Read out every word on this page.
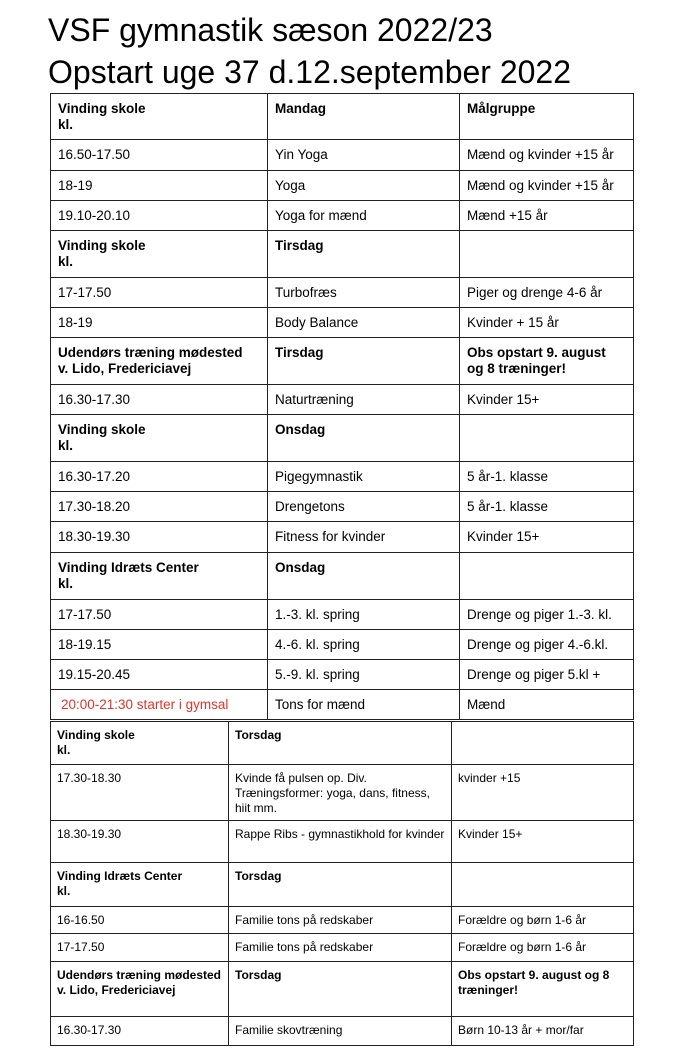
VSF gymnastik sæson 2022/23
Opstart uge 37 d.12.september 2022
Vinding skole
kl.	Mandag	Målgruppe
16.50-17.50	Yin Yoga	Mænd og kvinder +15 år
18-19	Yoga	Mænd og kvinder +15 år
19.10-20.10	Yoga for mænd	Mænd +15 år
Vinding skole
kl.	Tirsdag	
17-17.50	Turbofræs	Piger og drenge 4-6 år
18-19	Body Balance	Kvinder + 15 år
Udendørs træning mødested
v. Lido, Fredericiavej	Tirsdag	Obs opstart 9. august
og 8 træninger!
16.30-17.30	Naturtræning	Kvinder 15+
Vinding skole
kl.	Onsdag	
16.30-17.20	Pigegymnastik	5 år-1. klasse
17.30-18.20	Drengetons	5 år-1. klasse
18.30-19.30	Fitness for kvinder	Kvinder 15+
Vinding Idræts Center
kl.	Onsdag	
17-17.50	1.-3. kl. spring	Drenge og piger 1.-3. kl.
18-19.15	4.-6. kl. spring	Drenge og piger 4.-6.kl.
19.15-20.45	5.-9. kl. spring	Drenge og piger 5.kl +
20:00-21:30 starter i gymsal	Tons for mænd	Mænd
Vinding skole
kl.	Torsdag	
17.30-18.30	Kvinde få pulsen op. Div. Træningsformer: yoga, dans, fitness, hiit mm.	kvinder +15
18.30-19.30	Rappe Ribs - gymnastikhold for kvinder	Kvinder 15+
Vinding Idræts Center
kl.	Torsdag	
16-16.50	Familie tons på redskaber	Forældre og børn 1-6 år
17-17.50	Familie tons på redskaber	Forældre og børn 1-6 år
Udendørs træning mødested v. Lido, Fredericiavej	Torsdag	Obs opstart 9. august og 8 træninger!
16.30-17.30	Familie skovtræning	Børn 10-13 år + mor/far
